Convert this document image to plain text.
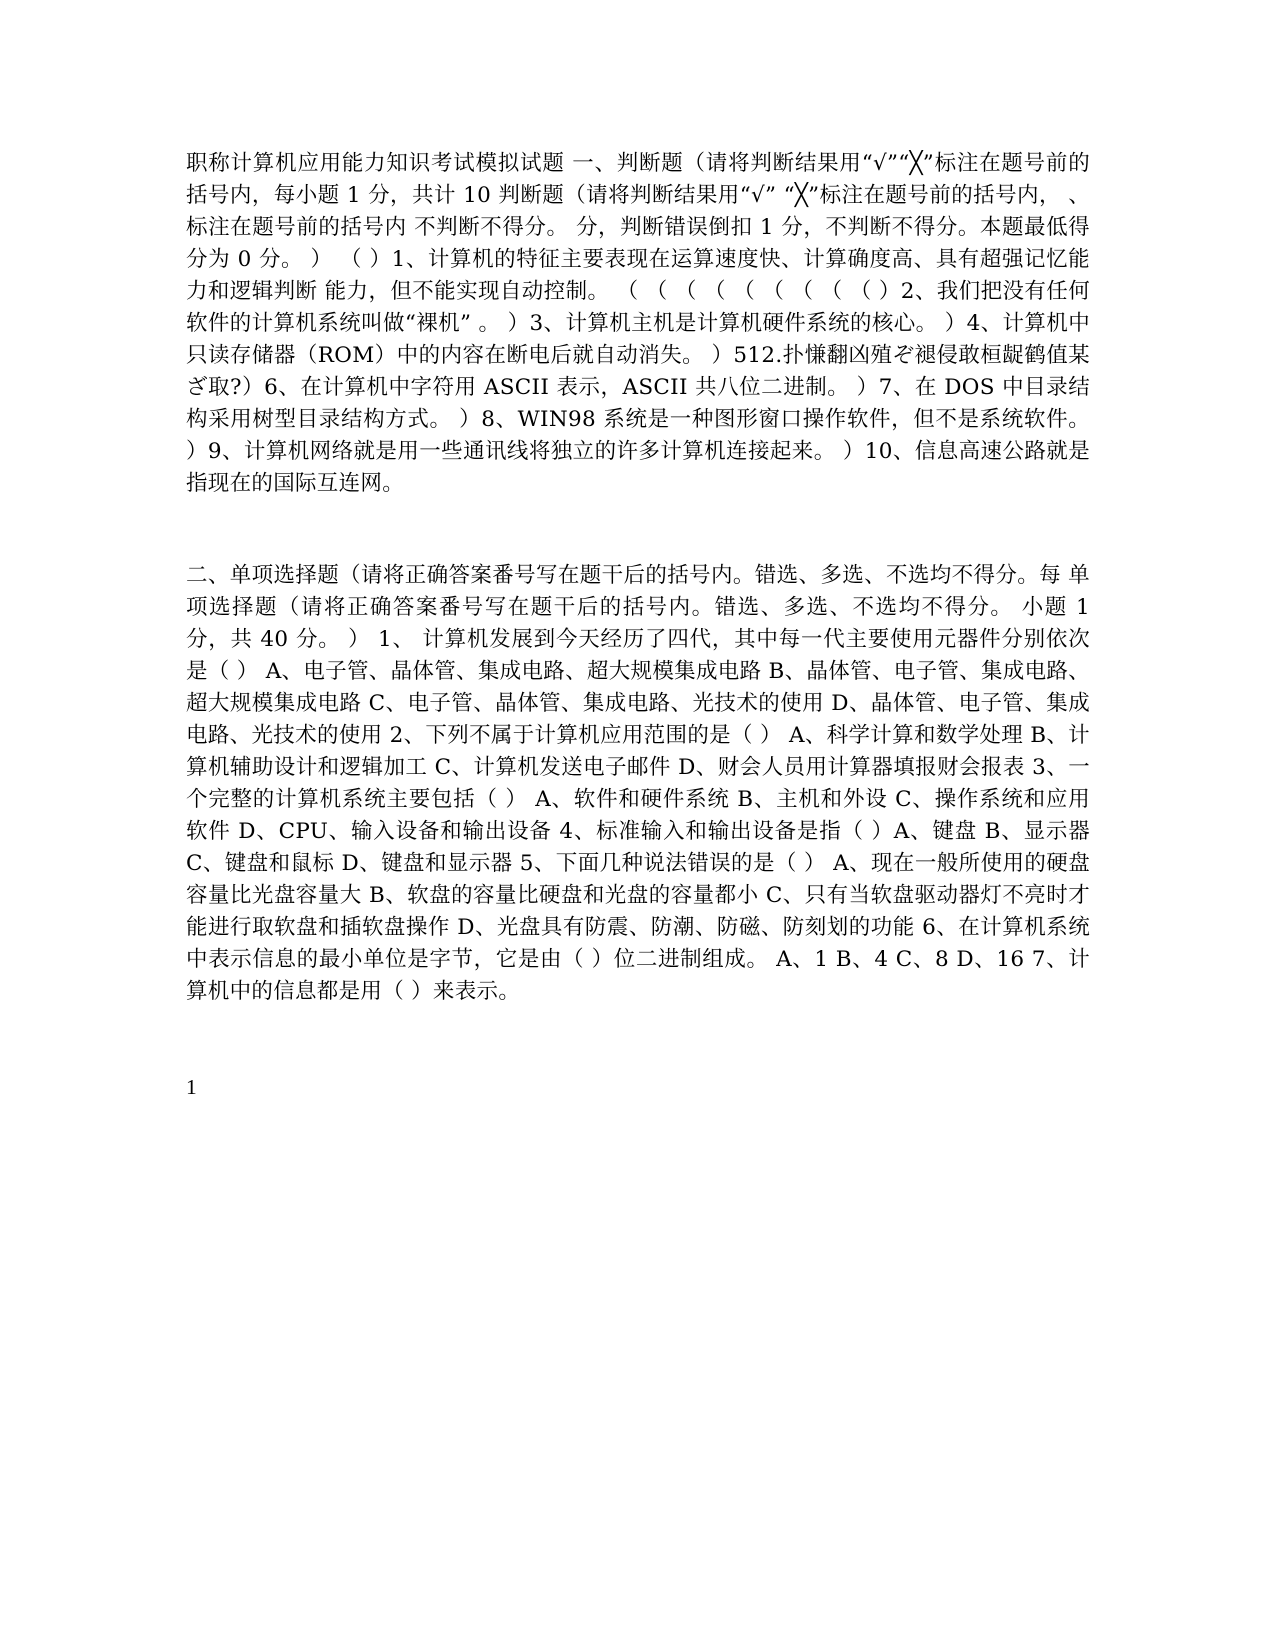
职称计算机应用能力知识考试模拟试题 一、判断题（请将判断结果用“√”“╳”标注在题号前的括号内，每小题 1 分，共计 10 判断题（请将判断结果用“√” “╳”标注在题号前的括号内， 、 标注在题号前的括号内 不判断不得分。 分，判断错误倒扣 1 分，不判断不得分。本题最低得分为 0 分。 ） （ ）1、计算机的特征主要表现在运算速度快、计算确度高、具有超强记忆能力和逻辑判断 能力，但不能实现自动控制。 （ （ （ （ （ （ （ （ （ ）2、我们把没有任何软件的计算机系统叫做“裸机” 。 ）3、计算机主机是计算机硬件系统的核心。 ）4、计算机中只读存储器（ROM）中的内容在断电后就自动消失。 ）512.扑慊翻凶殖ぞ褪侵敢桓龊鹤值某ざ取?）6、在计算机中字符用 ASCII 表示，ASCII 共八位二进制。 ）7、在 DOS 中目录结构采用树型目录结构方式。 ）8、WIN98 系统是一种图形窗口操作软件，但不是系统软件。 ）9、计算机网络就是用一些通讯线将独立的许多计算机连接起来。 ）10、信息高速公路就是指现在的国际互连网。

二、单项选择题（请将正确答案番号写在题干后的括号内。错选、多选、不选均不得分。每 单项选择题（请将正确答案番号写在题干后的括号内。错选、多选、不选均不得分。 小题 1 分，共 40 分。 ） 1、 计算机发展到今天经历了四代，其中每一代主要使用元器件分别依次是（ ） A、电子管、晶体管、集成电路、超大规模集成电路 B、晶体管、电子管、集成电路、超大规模集成电路 C、电子管、晶体管、集成电路、光技术的使用 D、晶体管、电子管、集成电路、光技术的使用 2、下列不属于计算机应用范围的是（ ） A、科学计算和数学处理 B、计算机辅助设计和逻辑加工 C、计算机发送电子邮件 D、财会人员用计算器填报财会报表 3、一个完整的计算机系统主要包括（ ） A、软件和硬件系统 B、主机和外设 C、操作系统和应用软件 D、CPU、输入设备和输出设备 4、标准输入和输出设备是指（ ）A、键盘 B、显示器 C、键盘和鼠标 D、键盘和显示器 5、下面几种说法错误的是（ ） A、现在一般所使用的硬盘容量比光盘容量大 B、软盘的容量比硬盘和光盘的容量都小 C、只有当软盘驱动器灯不亮时才能进行取软盘和插软盘操作 D、光盘具有防震、防潮、防磁、防刻划的功能 6、在计算机系统中表示信息的最小单位是字节，它是由（ ）位二进制组成。 A、1 B、4 C、8 D、16 7、计算机中的信息都是用（ ）来表示。

1
